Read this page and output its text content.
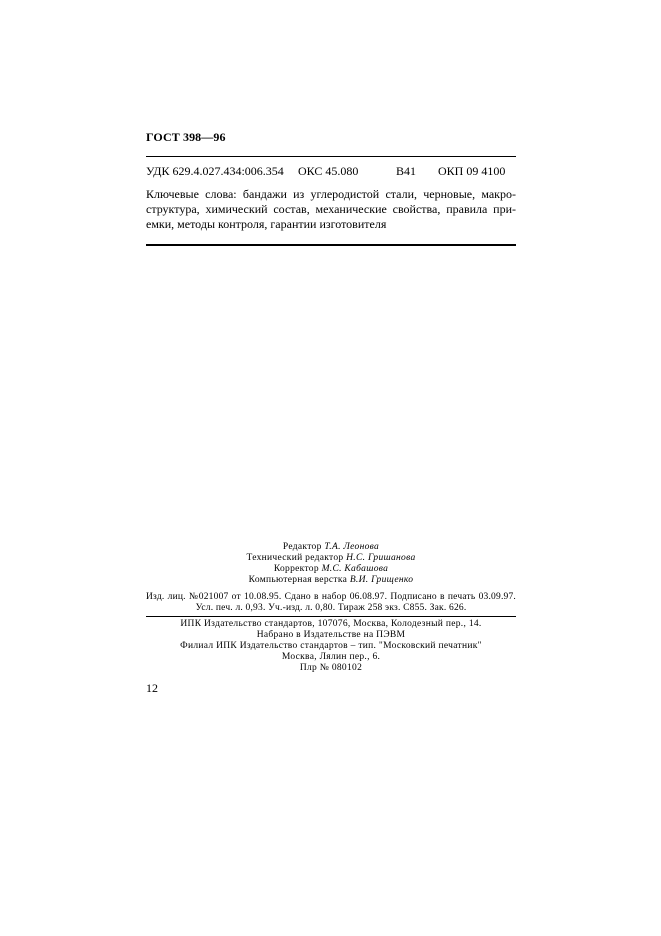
ГОСТ 398—96
УДК 629.4.027.434:006.354 ОКС 45.080	В41 ОКП 09 4100
Ключевые слова: бандажи из углеродистой стали, черновые, макро-
структура, химический состав, механические свойства, правила при-
емки, методы контроля, гарантии изготовителя
Редактор Т.А. Леонова
Технический редактор Н.С. Гришанова
Корректор М.С. Кабашова
Компьютерная верстка В.И. Грищенко
Изд. лиц. №021007 от 10.08.95. Сдано в набор 06.08.97. Подписано в печать 03.09.97.
Усл. печ. л. 0,93. Уч.-изд. л. 0,80. Тираж 258 экз. С855. Зак. 626.
ИПК Издательство стандартов, 107076, Москва, Колодезный пер., 14.
Набрано в Издательстве на ПЭВМ
Филиал ИПК Издательство стандартов – тип. "Московский печатник"
Москва, Лялин пер., 6.
Плр № 080102
12
